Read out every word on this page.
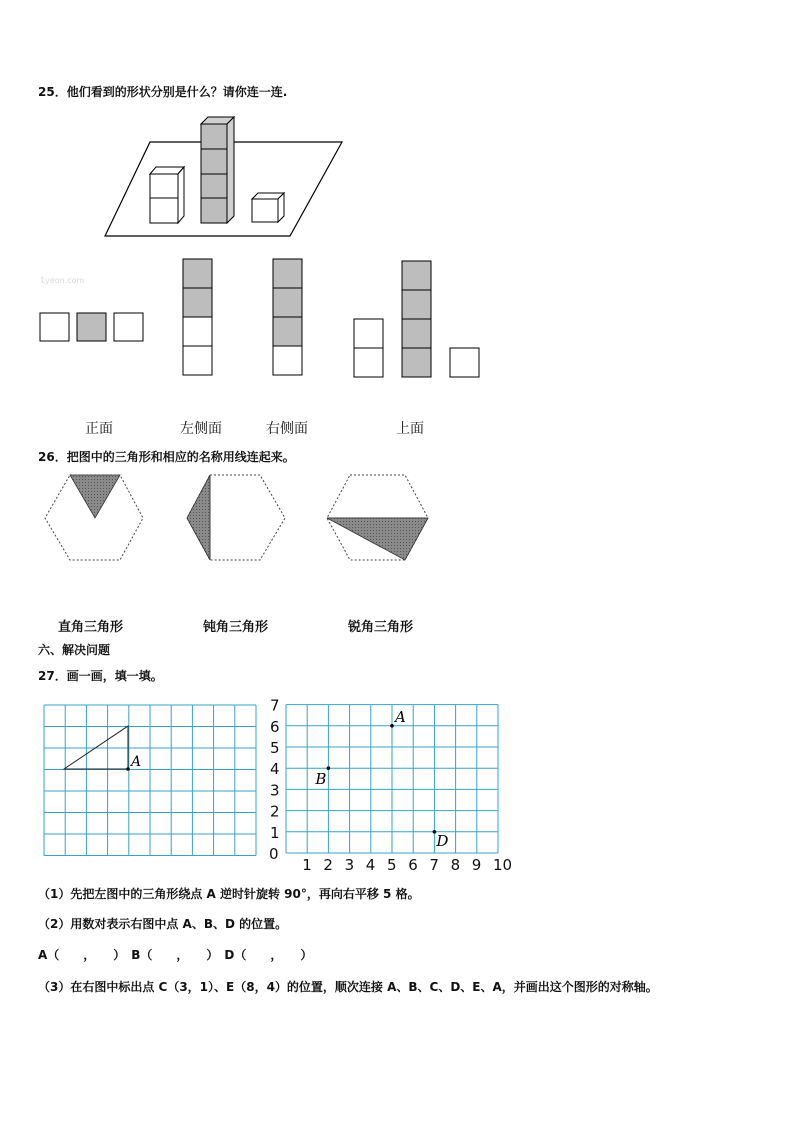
25．他们看到的形状分别是什么？请你连一连.
1yeon.com
正面	左侧面	右侧面	上面
26．把图中的三角形和相应的名称用线连起来。
直角三角形	钝角三角形	锐角三角形
六、解决问题
27．画一画，填一填。
A
0
1 2 3 4 5 6 7 8 9 10
1
2
3
4
5
6
7
A
B
D
（1）先把左图中的三角形绕点 A 逆时针旋转 90°，再向右平移 5 格。
（2）用数对表示右图中点 A、B、D 的位置。
A（　　，　　）　B（　　，　　）　D（　　，　　）
（3）在右图中标出点 C（3，1）、E（8，4）的位置，顺次连接 A、B、C、D、E、A，并画出这个图形的对称轴。
